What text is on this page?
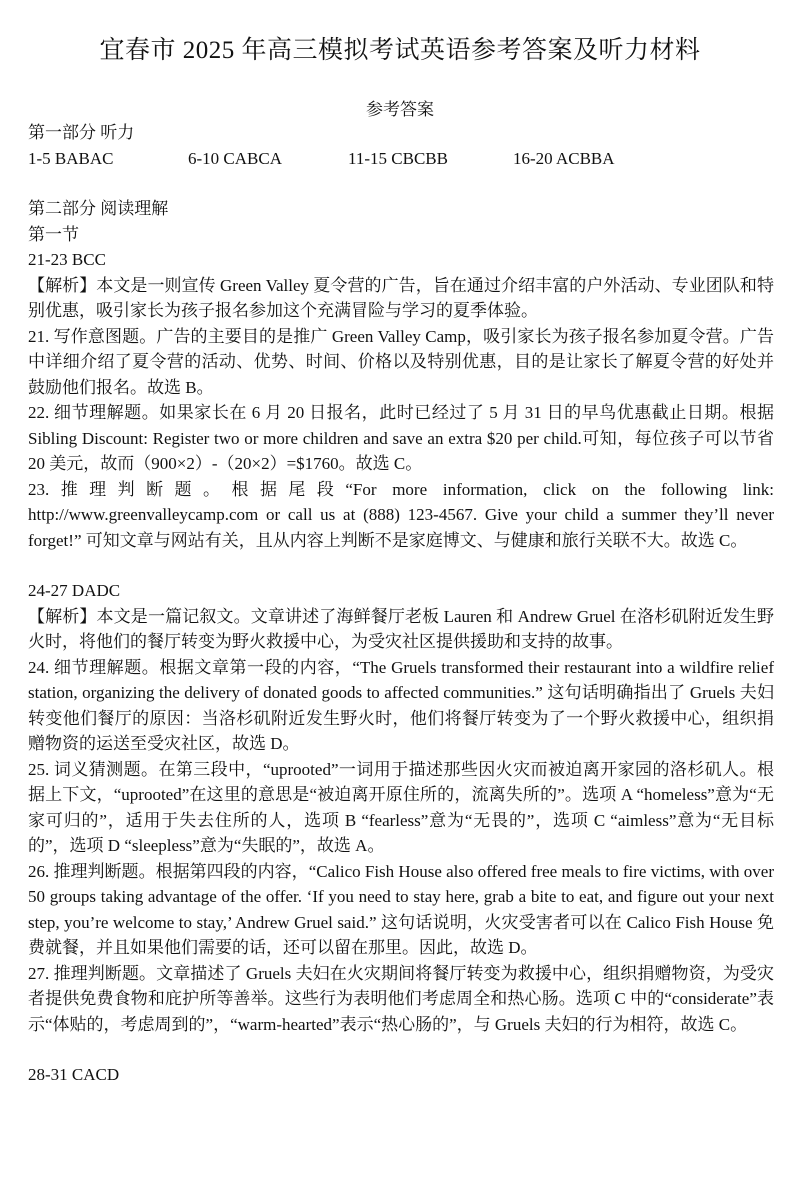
宜春市 2025 年高三模拟考试英语参考答案及听力材料
参考答案
第一部分 听力
1-5 BABAC	6-10 CABCA	11-15 CBCBB	16-20 ACBBA
第二部分 阅读理解
第一节
21-23 BCC
【解析】本文是一则宣传 Green Valley 夏令营的广告，旨在通过介绍丰富的户外活动、专业团队和特别优惠，吸引家长为孩子报名参加这个充满冒险与学习的夏季体验。
21. 写作意图题。广告的主要目的是推广 Green Valley Camp，吸引家长为孩子报名参加夏令营。广告中详细介绍了夏令营的活动、优势、时间、价格以及特别优惠，目的是让家长了解夏令营的好处并鼓励他们报名。故选 B。
22. 细节理解题。如果家长在 6 月 20 日报名，此时已经过了 5 月 31 日的早鸟优惠截止日期。根据 Sibling Discount: Register two or more children and save an extra $20 per child.可知，每位孩子可以节省 20 美元，故而（900×2）-（20×2）=$1760。故选 C。
23.推理判断题。根据尾段“For more information, click on the following link: http://www.greenvalleycamp.com or call us at (888) 123-4567. Give your child a summer they’ll never forget!” 可知文章与网站有关，且从内容上判断不是家庭博文、与健康和旅行关联不大。故选 C。
24-27 DADC
【解析】本文是一篇记叙文。文章讲述了海鲜餐厅老板 Lauren 和 Andrew Gruel 在洛杉矶附近发生野火时，将他们的餐厅转变为野火救援中心，为受灾社区提供援助和支持的故事。
24. 细节理解题。根据文章第一段的内容，“The Gruels transformed their restaurant into a wildfire relief station, organizing the delivery of donated goods to affected communities.” 这句话明确指出了 Gruels 夫妇转变他们餐厅的原因：当洛杉矶附近发生野火时，他们将餐厅转变为了一个野火救援中心，组织捐赠物资的运送至受灾社区，故选 D。
25. 词义猜测题。在第三段中，“uprooted”一词用于描述那些因火灾而被迫离开家园的洛杉矶人。根据上下文，“uprooted”在这里的意思是“被迫离开原住所的，流离失所的”。选项 A “homeless”意为“无家可归的”，适用于失去住所的人，选项 B “fearless”意为“无畏的”，选项 C “aimless”意为“无目标的”，选项 D “sleepless”意为“失眠的”，故选 A。
26. 推理判断题。根据第四段的内容，“Calico Fish House also offered free meals to fire victims, with over 50 groups taking advantage of the offer. ‘If you need to stay here, grab a bite to eat, and figure out your next step, you’re welcome to stay,’ Andrew Gruel said.” 这句话说明，火灾受害者可以在 Calico Fish House 免费就餐，并且如果他们需要的话，还可以留在那里。因此，故选 D。
27. 推理判断题。文章描述了 Gruels 夫妇在火灾期间将餐厅转变为救援中心，组织捐赠物资，为受灾者提供免费食物和庇护所等善举。这些行为表明他们考虑周全和热心肠。选项 C 中的“considerate”表示“体贴的，考虑周到的”，“warm-hearted”表示“热心肠的”，与 Gruels 夫妇的行为相符，故选 C。
28-31 CACD
